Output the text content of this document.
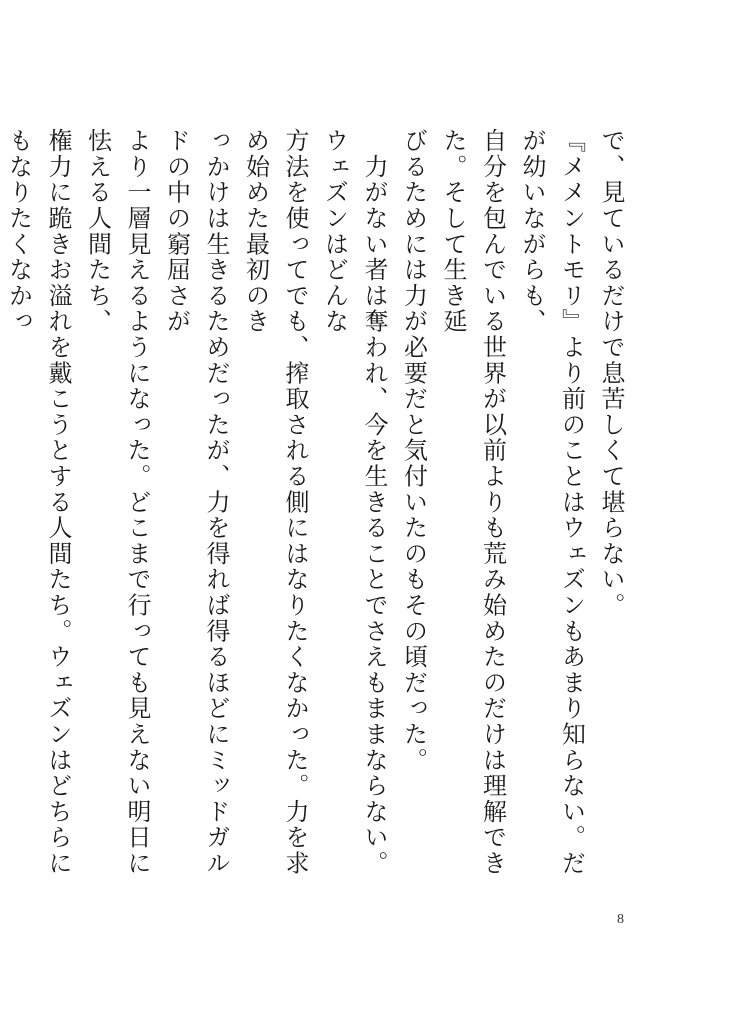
で、見ているだけで息苦しくて堪らない。

『メメントモリ』より前のことはウェズンもあまり知らない。だが幼いながらも、

自分を包んでいる世界が以前よりも荒み始めたのだけは理解できた。そして生き延

びるためには力が必要だと気付いたのもその頃だった。

　力がない者は奪われ、今を生きることでさえもままならない。ウェズンはどんな

方法を使ってでも、搾取される側にはなりたくなかった。力を求め始めた最初のき

っかけは生きるためだったが、力を得れば得るほどにミッドガルドの中の窮屈さが

より一層見えるようになった。どこまで行っても見えない明日に怯える人間たち、

権力に跪きお溢れを戴こうとする人間たち。ウェズンはどちらにもなりたくなかっ

8
